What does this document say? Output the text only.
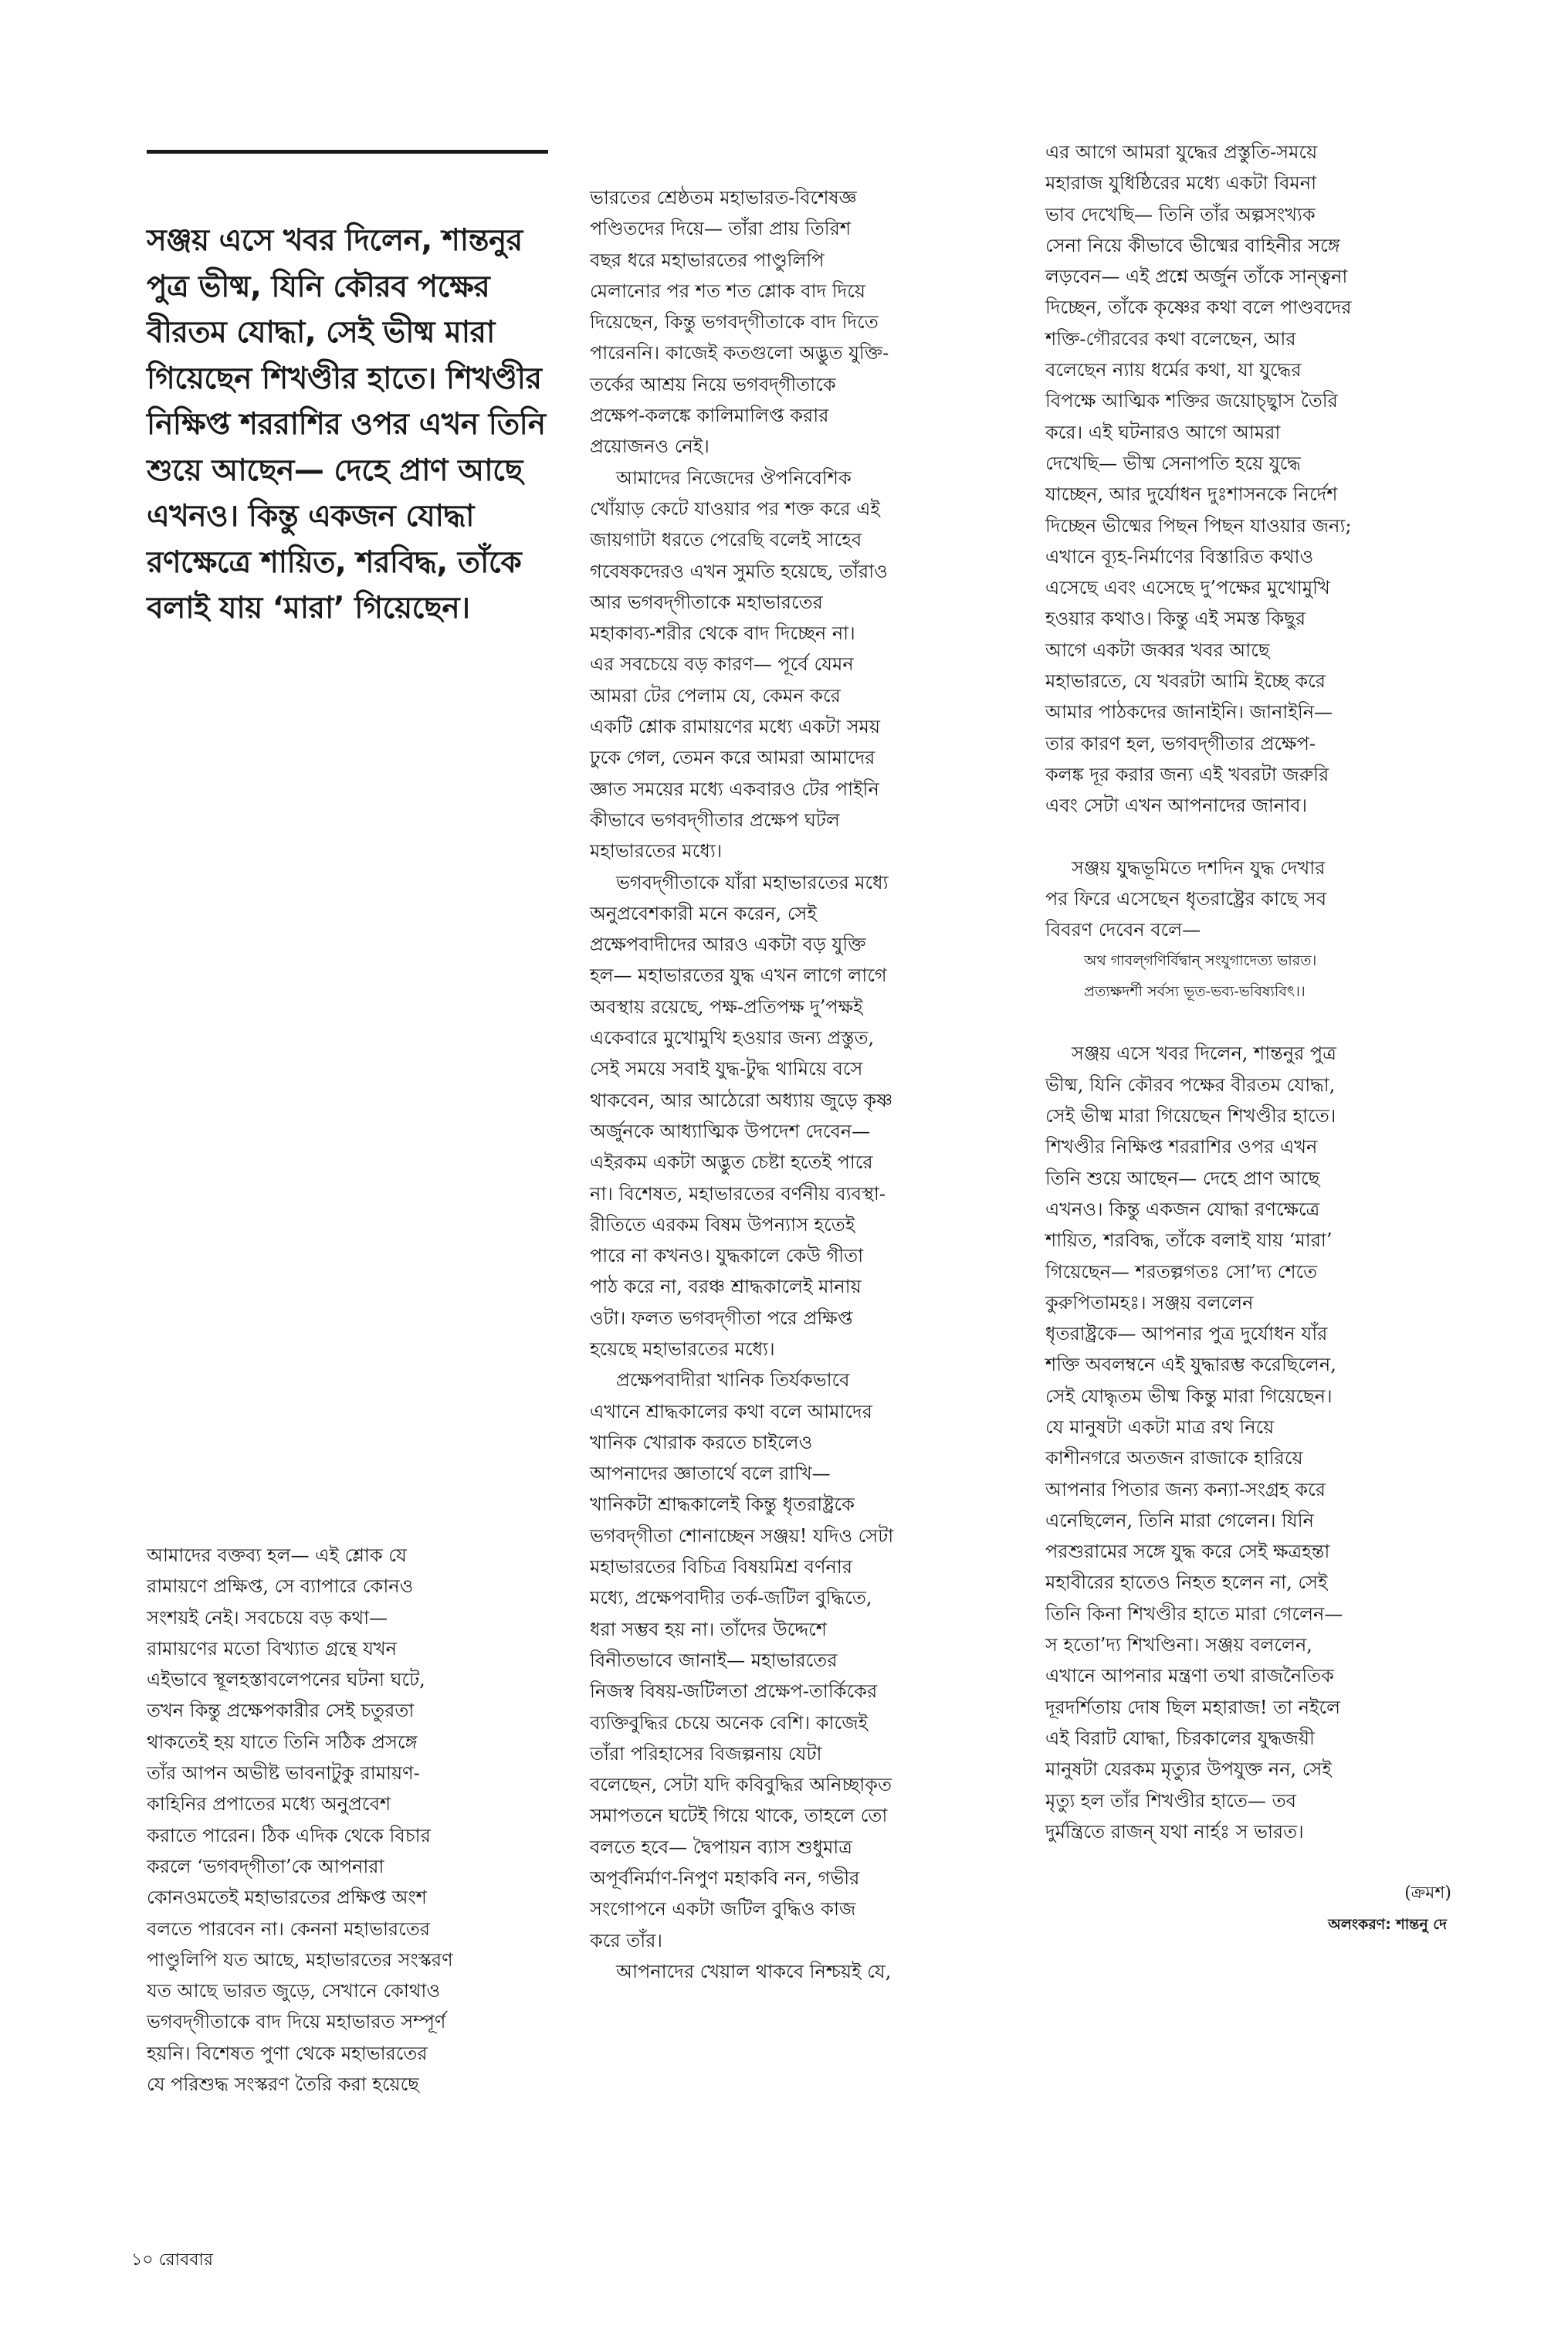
সঞ্জয় এসে খবর দিলেন, শান্তনুর পুত্র ভীষ্ম, যিনি কৌরব পক্ষের বীরতম যোদ্ধা, সেই ভীষ্ম মারা গিয়েছেন শিখণ্ডীর হাতে। শিখণ্ডীর নিক্ষিপ্ত শররাশির ওপর এখন তিনি শুয়ে আছেন— দেহে প্রাণ আছে এখনও। কিন্তু একজন যোদ্ধা রণক্ষেত্রে শায়িত, শরবিদ্ধ, তাঁকে বলাই যায় ‘মারা’ গিয়েছেন।

আমাদের বক্তব্য হল— এই শ্লোক যে

রামায়ণে প্রক্ষিপ্ত, সে ব্যাপারে কোনও

সংশয়ই নেই। সবচেয়ে বড় কথা—

রামায়ণের মতো বিখ্যাত গ্রন্থে যখন

এইভাবে স্থূলহস্তাবলেপনের ঘটনা ঘটে,

তখন কিন্তু প্রক্ষেপকারীর সেই চতুরতা

থাকতেই হয় যাতে তিনি সঠিক প্রসঙ্গে

তাঁর আপন অভীষ্ট ভাবনাটুকু রামায়ণ-

কাহিনির প্রপাতের মধ্যে অনুপ্রবেশ

করাতে পারেন। ঠিক এদিক থেকে বিচার

করলে ‘ভগবদ্‌গীতা’কে আপনারা

কোনওমতেই মহাভারতের প্রক্ষিপ্ত অংশ

বলতে পারবেন না। কেননা মহাভারতের

পাণ্ডুলিপি যত আছে, মহাভারতের সংস্করণ

যত আছে ভারত জুড়ে, সেখানে কোথাও

ভগবদ্‌গীতাকে বাদ দিয়ে মহাভারত সম্পূর্ণ

হয়নি। বিশেষত পুণা থেকে মহাভারতের

যে পরিশুদ্ধ সংস্করণ তৈরি করা হয়েছে

ভারতের শ্রেষ্ঠতম মহাভারত-বিশেষজ্ঞ

পণ্ডিতদের দিয়ে— তাঁরা প্রায় তিরিশ

বছর ধরে মহাভারতের পাণ্ডুলিপি

মেলানোর পর শত শত শ্লোক বাদ দিয়ে

দিয়েছেন, কিন্তু ভগবদ্‌গীতাকে বাদ দিতে

পারেননি। কাজেই কতগুলো অদ্ভুত যুক্তি-

তর্কের আশ্রয় নিয়ে ভগবদ্‌গীতাকে

প্রক্ষেপ-কলঙ্কে কালিমালিপ্ত করার

প্রয়োজনও নেই।

আমাদের নিজেদের ঔপনিবেশিক

খোঁয়াড় কেটে যাওয়ার পর শক্ত করে এই

জায়গাটা ধরতে পেরেছি বলেই সাহেব

গবেষকদেরও এখন সুমতি হয়েছে, তাঁরাও

আর ভগবদ্‌গীতাকে মহাভারতের

মহাকাব্য-শরীর থেকে বাদ দিচ্ছেন না।

এর সবচেয়ে বড় কারণ— পূর্বে যেমন

আমরা টের পেলাম যে, কেমন করে

একটি শ্লোক রামায়ণের মধ্যে একটা সময়

ঢুকে গেল, তেমন করে আমরা আমাদের

জ্ঞাত সময়ের মধ্যে একবারও টের পাইনি

কীভাবে ভগবদ্‌গীতার প্রক্ষেপ ঘটল

মহাভারতের মধ্যে।

ভগবদ্‌গীতাকে যাঁরা মহাভারতের মধ্যে

অনুপ্রবেশকারী মনে করেন, সেই

প্রক্ষেপবাদীদের আরও একটা বড় যুক্তি

হল— মহাভারতের যুদ্ধ এখন লাগে লাগে

অবস্থায় রয়েছে, পক্ষ-প্রতিপক্ষ দু’পক্ষই

একেবারে মুখোমুখি হওয়ার জন্য প্রস্তুত,

সেই সময়ে সবাই যুদ্ধ-টুদ্ধ থামিয়ে বসে

থাকবেন, আর আঠেরো অধ্যায় জুড়ে কৃষ্ণ

অর্জুনকে আধ্যাত্মিক উপদেশ দেবেন—

এইরকম একটা অদ্ভুত চেষ্টা হতেই পারে

না। বিশেষত, মহাভারতের বর্ণনীয় ব্যবস্থা-

রীতিতে এরকম বিষম উপন্যাস হতেই

পারে না কখনও। যুদ্ধকালে কেউ গীতা

পাঠ করে না, বরঞ্চ শ্রাদ্ধকালেই মানায়

ওটা। ফলত ভগবদ্‌গীতা পরে প্রক্ষিপ্ত

হয়েছে মহাভারতের মধ্যে।

প্রক্ষেপবাদীরা খানিক তির্যকভাবে

এখানে শ্রাদ্ধকালের কথা বলে আমাদের

খানিক খোরাক করতে চাইলেও

আপনাদের জ্ঞাতার্থে বলে রাখি—

খানিকটা শ্রাদ্ধকালেই কিন্তু ধৃতরাষ্ট্রকে

ভগবদ্‌গীতা শোনাচ্ছেন সঞ্জয়! যদিও সেটা

মহাভারতের বিচিত্র বিষয়মিশ্র বর্ণনার

মধ্যে, প্রক্ষেপবাদীর তর্ক-জটিল বুদ্ধিতে,

ধরা সম্ভব হয় না। তাঁদের উদ্দেশে

বিনীতভাবে জানাই— মহাভারতের

নিজস্ব বিষয়-জটিলতা প্রক্ষেপ-তার্কিকের

ব্যক্তিবুদ্ধির চেয়ে অনেক বেশি। কাজেই

তাঁরা পরিহাসের বিজল্পনায় যেটা

বলেছেন, সেটা যদি কবিবুদ্ধির অনিচ্ছাকৃত

সমাপতনে ঘটেই গিয়ে থাকে, তাহলে তো

বলতে হবে— দ্বৈপায়ন ব্যাস শুধুমাত্র

অপূর্বনির্মাণ-নিপুণ মহাকবি নন, গভীর

সংগোপনে একটা জটিল বুদ্ধিও কাজ

করে তাঁর।

আপনাদের খেয়াল থাকবে নিশ্চয়ই যে,

এর আগে আমরা যুদ্ধের প্রস্তুতি-সময়ে

মহারাজ যুধিষ্ঠিরের মধ্যে একটা বিমনা

ভাব দেখেছি— তিনি তাঁর অল্পসংখ্যক

সেনা নিয়ে কীভাবে ভীষ্মের বাহিনীর সঙ্গে

লড়বেন— এই প্রশ্নে অর্জুন তাঁকে সান্ত্বনা

দিচ্ছেন, তাঁকে কৃষ্ণের কথা বলে পাণ্ডবদের

শক্তি-গৌরবের কথা বলেছেন, আর

বলেছেন ন্যায় ধর্মের কথা, যা যুদ্ধের

বিপক্ষে আত্মিক শক্তির জয়োচ্ছ্বাস তৈরি

করে। এই ঘটনারও আগে আমরা

দেখেছি— ভীষ্ম সেনাপতি হয়ে যুদ্ধে

যাচ্ছেন, আর দুর্যোধন দুঃশাসনকে নির্দেশ

দিচ্ছেন ভীষ্মের পিছন পিছন যাওয়ার জন্য;

এখানে ব্যূহ-নির্মাণের বিস্তারিত কথাও

এসেছে এবং এসেছে দু’পক্ষের মুখোমুখি

হওয়ার কথাও। কিন্তু এই সমস্ত কিছুর

আগে একটা জব্বর খবর আছে

মহাভারতে, যে খবরটা আমি ইচ্ছে করে

আমার পাঠকদের জানাইনি। জানাইনি—

তার কারণ হল, ভগবদ্‌গীতার প্রক্ষেপ-

কলঙ্ক দূর করার জন্য এই খবরটা জরুরি

এবং সেটা এখন আপনাদের জানাব।

সঞ্জয় যুদ্ধভূমিতে দশদিন যুদ্ধ দেখার

পর ফিরে এসেছেন ধৃতরাষ্ট্রের কাছে সব

বিবরণ দেবেন বলে—

অথ গাবল্‌গণির্বিদ্বান্‌ সংযুগাদেত্য ভারত।

প্রত্যক্ষদর্শী সর্বস্য ভূত-ভব্য-ভবিষ্যবিৎ।।

সঞ্জয় এসে খবর দিলেন, শান্তনুর পুত্র

ভীষ্ম, যিনি কৌরব পক্ষের বীরতম যোদ্ধা,

সেই ভীষ্ম মারা গিয়েছেন শিখণ্ডীর হাতে।

শিখণ্ডীর নিক্ষিপ্ত শররাশির ওপর এখন

তিনি শুয়ে আছেন— দেহে প্রাণ আছে

এখনও। কিন্তু একজন যোদ্ধা রণক্ষেত্রে

শায়িত, শরবিদ্ধ, তাঁকে বলাই যায় ‘মারা’

গিয়েছেন— শরতল্পগতঃ সো’দ্য শেতে

কুরুপিতামহঃ। সঞ্জয় বললেন

ধৃতরাষ্ট্রকে— আপনার পুত্র দুর্যোধন যাঁর

শক্তি অবলম্বনে এই যুদ্ধারম্ভ করেছিলেন,

সেই যোদ্ধৃতম ভীষ্ম কিন্তু মারা গিয়েছেন।

যে মানুষটা একটা মাত্র রথ নিয়ে

কাশীনগরে অতজন রাজাকে হারিয়ে

আপনার পিতার জন্য কন্যা-সংগ্রহ করে

এনেছিলেন, তিনি মারা গেলেন। যিনি

পরশুরামের সঙ্গে যুদ্ধ করে সেই ক্ষত্রহন্তা

মহাবীরের হাতেও নিহত হলেন না, সেই

তিনি কিনা শিখণ্ডীর হাতে মারা গেলেন—

স হতো’দ্য শিখণ্ডিনা। সঞ্জয় বললেন,

এখানে আপনার মন্ত্রণা তথা রাজনৈতিক

দূরদর্শিতায় দোষ ছিল মহারাজ! তা নইলে

এই বিরাট যোদ্ধা, চিরকালের যুদ্ধজয়ী

মানুষটা যেরকম মৃত্যুর উপযুক্ত নন, সেই

মৃত্যু হল তাঁর শিখণ্ডীর হাতে— তব

দুর্মন্ত্রিতে রাজন্‌ যথা নার্হঃ স ভারত।

(ক্রমশ)

অলংকরণ: শান্তনু দে

১০ রোববার
